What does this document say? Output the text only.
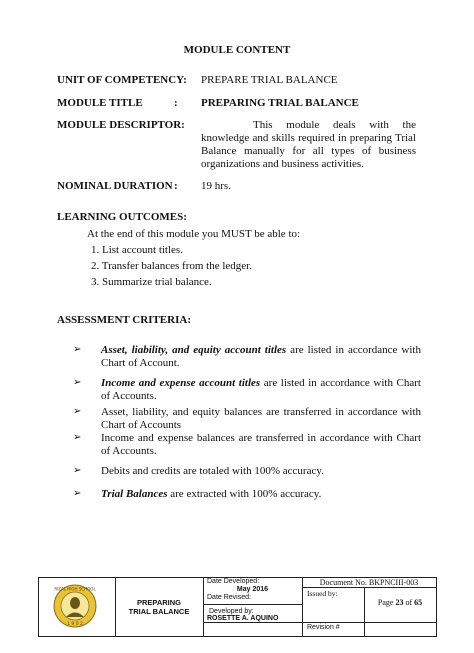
MODULE CONTENT
UNIT OF COMPETENCY: PREPARE TRIAL BALANCE
MODULE TITLE	: PREPARING TRIAL BALANCE
MODULE DESCRIPTOR:	This module deals with the knowledge and skills required in preparing Trial Balance manually for all types of business organizations and business activities.
NOMINAL DURATION : 19 hrs.
LEARNING OUTCOMES:
At the end of this module you MUST be able to:
1. List account titles.
2. Transfer balances from the ledger.
3. Summarize trial balance.
ASSESSMENT CRITERIA:
➢ Asset, liability, and equity account titles are listed in accordance with Chart of Account.
➢ Income and expense account titles are listed in accordance with Chart of Accounts.
➢ Asset, liability, and equity balances are transferred in accordance with Chart of Accounts
➢ Income and expense balances are transferred in accordance with Chart of Accounts.
➢ Debits and credits are totaled with 100% accuracy.
➢ Trial Balances are extracted with 100% accuracy.
RIZAL HIGH SCHOOL
1 9 0 2
PREPARING
TRIAL BALANCE
Date Developed:
May 2016
Date Revised:
Developed by:
ROSETTE A. AQUINO
Document No. BKPNCIII-003
Issued by:
Page 23 of 65
Revision #
